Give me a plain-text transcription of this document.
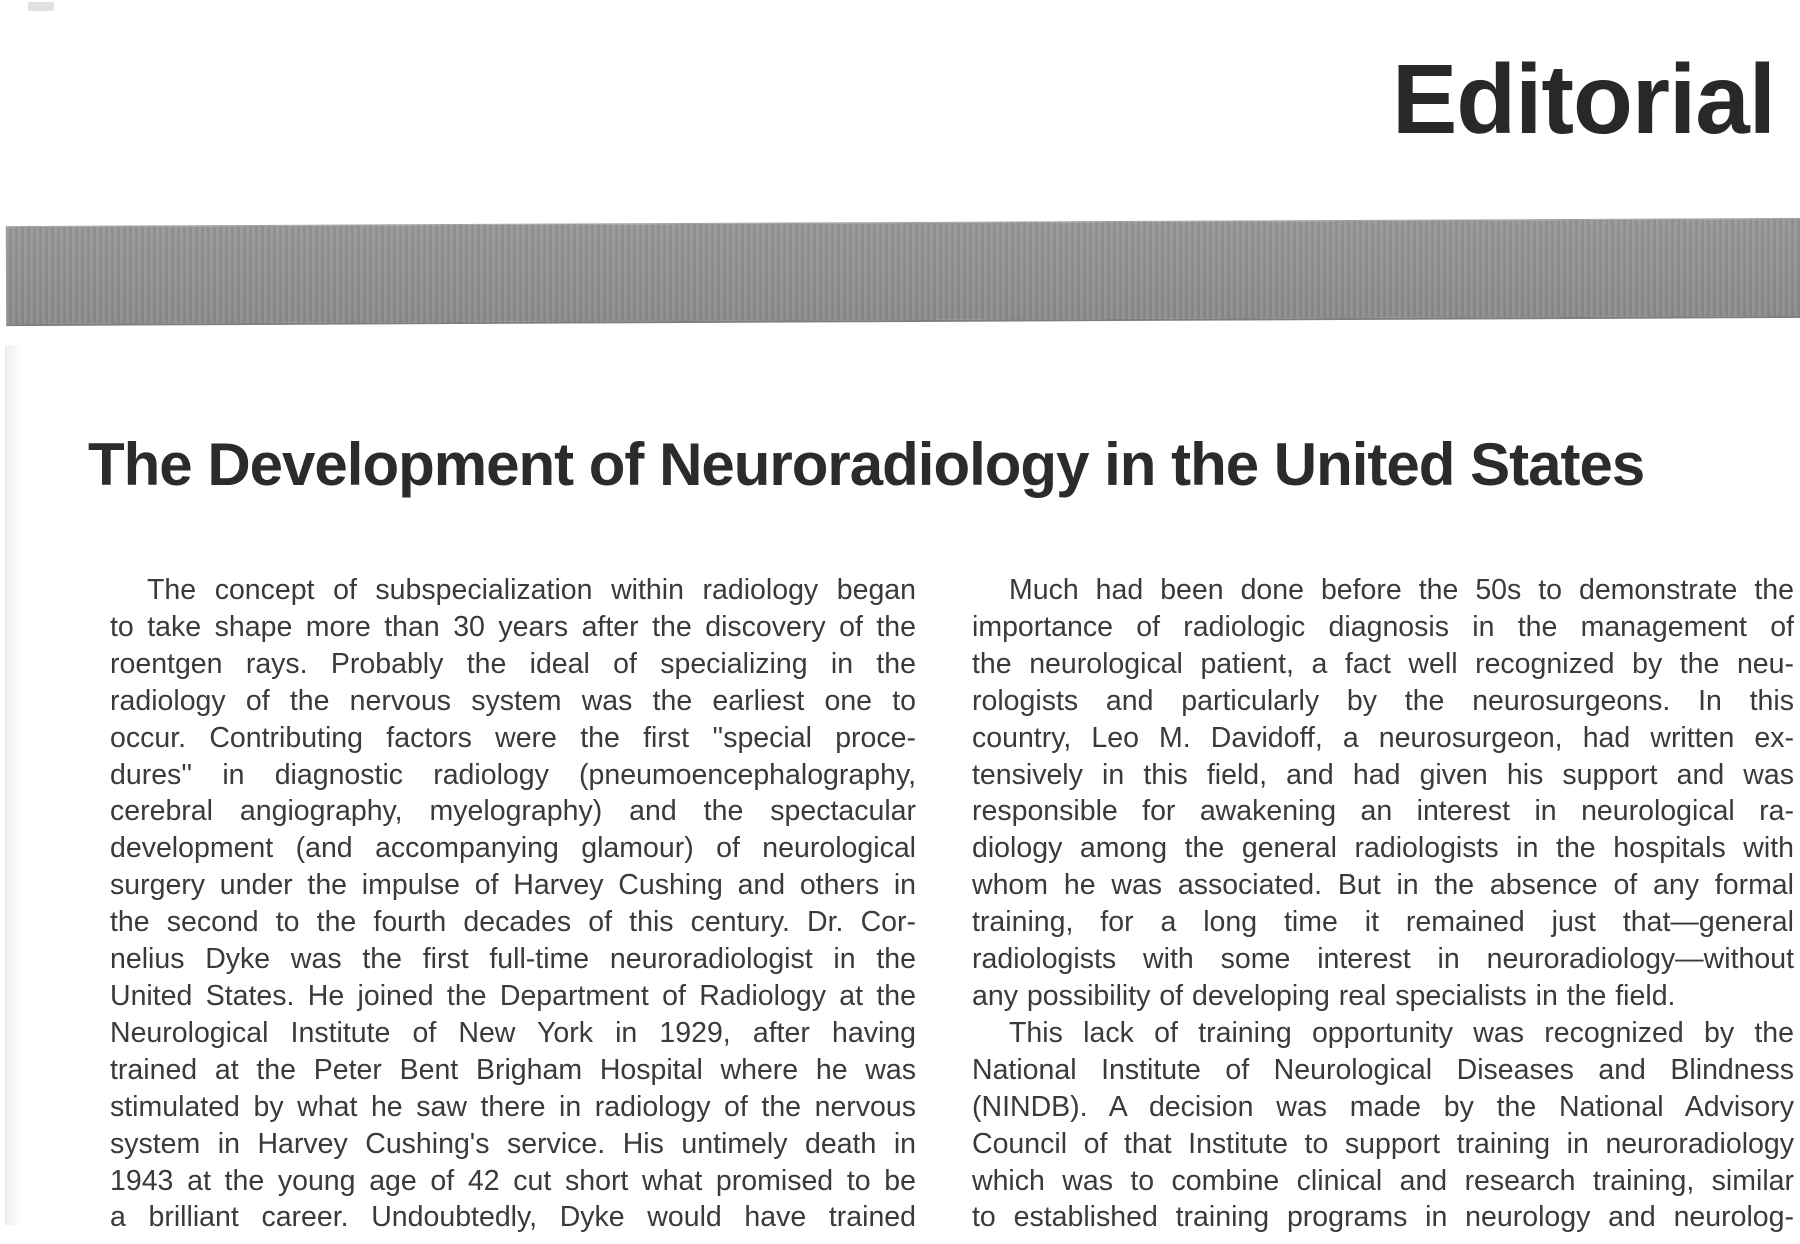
Editorial
The Development of Neuroradiology in the United States
The concept of subspecialization within radiology began
to take shape more than 30 years after the discovery of the
roentgen rays. Probably the ideal of specializing in the
radiology of the nervous system was the earliest one to
occur. Contributing factors were the first ''special proce-
dures'' in diagnostic radiology (pneumoencephalography,
cerebral angiography, myelography) and the spectacular
development (and accompanying glamour) of neurological
surgery under the impulse of Harvey Cushing and others in
the second to the fourth decades of this century. Dr. Cor-
nelius Dyke was the first full-time neuroradiologist in the
United States. He joined the Department of Radiology at the
Neurological Institute of New York in 1929, after having
trained at the Peter Bent Brigham Hospital where he was
stimulated by what he saw there in radiology of the nervous
system in Harvey Cushing's service. His untimely death in
1943 at the young age of 42 cut short what promised to be
a brilliant career. Undoubtedly, Dyke would have trained
Much had been done before the 50s to demonstrate the
importance of radiologic diagnosis in the management of
the neurological patient, a fact well recognized by the neu-
rologists and particularly by the neurosurgeons. In this
country, Leo M. Davidoff, a neurosurgeon, had written ex-
tensively in this field, and had given his support and was
responsible for awakening an interest in neurological ra-
diology among the general radiologists in the hospitals with
whom he was associated. But in the absence of any formal
training, for a long time it remained just that—general
radiologists with some interest in neuroradiology—without
any possibility of developing real specialists in the field.
This lack of training opportunity was recognized by the
National Institute of Neurological Diseases and Blindness
(NINDB). A decision was made by the National Advisory
Council of that Institute to support training in neuroradiology
which was to combine clinical and research training, similar
to established training programs in neurology and neurolog-
